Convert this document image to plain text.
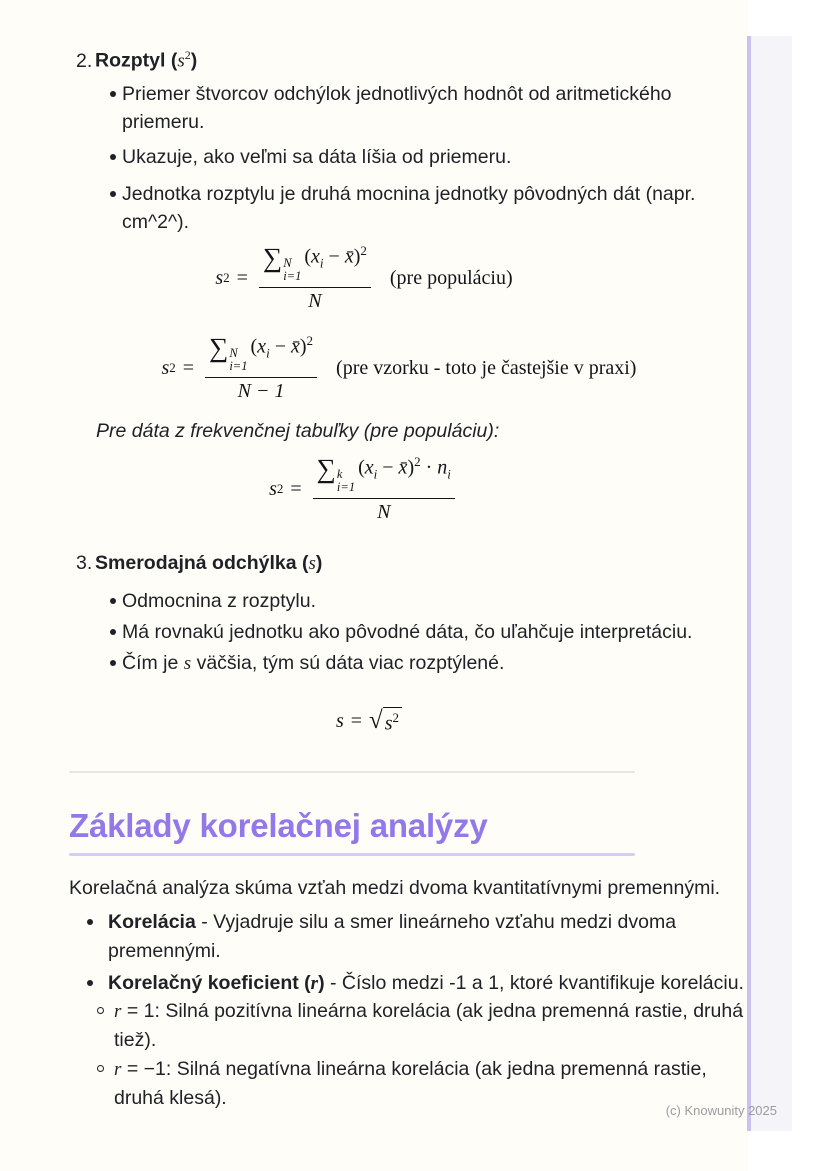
2. Rozptyl $(s^2)$
Priemer štvorcov odchýlok jednotlivých hodnôt od aritmetického
priemeru.
Ukazuje, ako veľmi sa dáta líšia od priemeru.
Jednotka rozptylu je druhá mocnina jednotky pôvodných dát (napr.
cm^2^).
s 2 = ∑ N
i=1
($x_i$ − x̄)$^2$
N (pre populáciu)
s 2 = ∑ N
i=1
($x_i$ − x̄)$^2$
N − 1 (pre vzorku - toto je častejšie v praxi)
Pre dáta z frekvenčnej tabuľky (pre populáciu):
s 2 = ∑ k
i=1
($x_i$ − x̄)$^2$ · $n_i$
N
3. Smerodajná odchýlka (s)
Odmocnina z rozptylu.
Má rovnakú jednotku ako pôvodné dáta, čo uľahčuje interpretáciu.
Čím je s väčšia, tým sú dáta viac rozptýlené.
s = √ $s^2$
Základy korelačnej analýzy
Korelačná analýza skúma vzťah medzi dvoma kvantitatívnymi premennými.
Korelácia - Vyjadruje silu a smer lineárneho vzťahu medzi dvoma
premennými.
Korelačný koeficient (r) - Číslo medzi -1 a 1, ktoré kvantifikuje koreláciu.
r = 1: Silná pozitívna lineárna korelácia (ak jedna premenná rastie, druhá
tiež).
r = −1: Silná negatívna lineárna korelácia (ak jedna premenná rastie,
druhá klesá).
(c) Knowunity 2025
